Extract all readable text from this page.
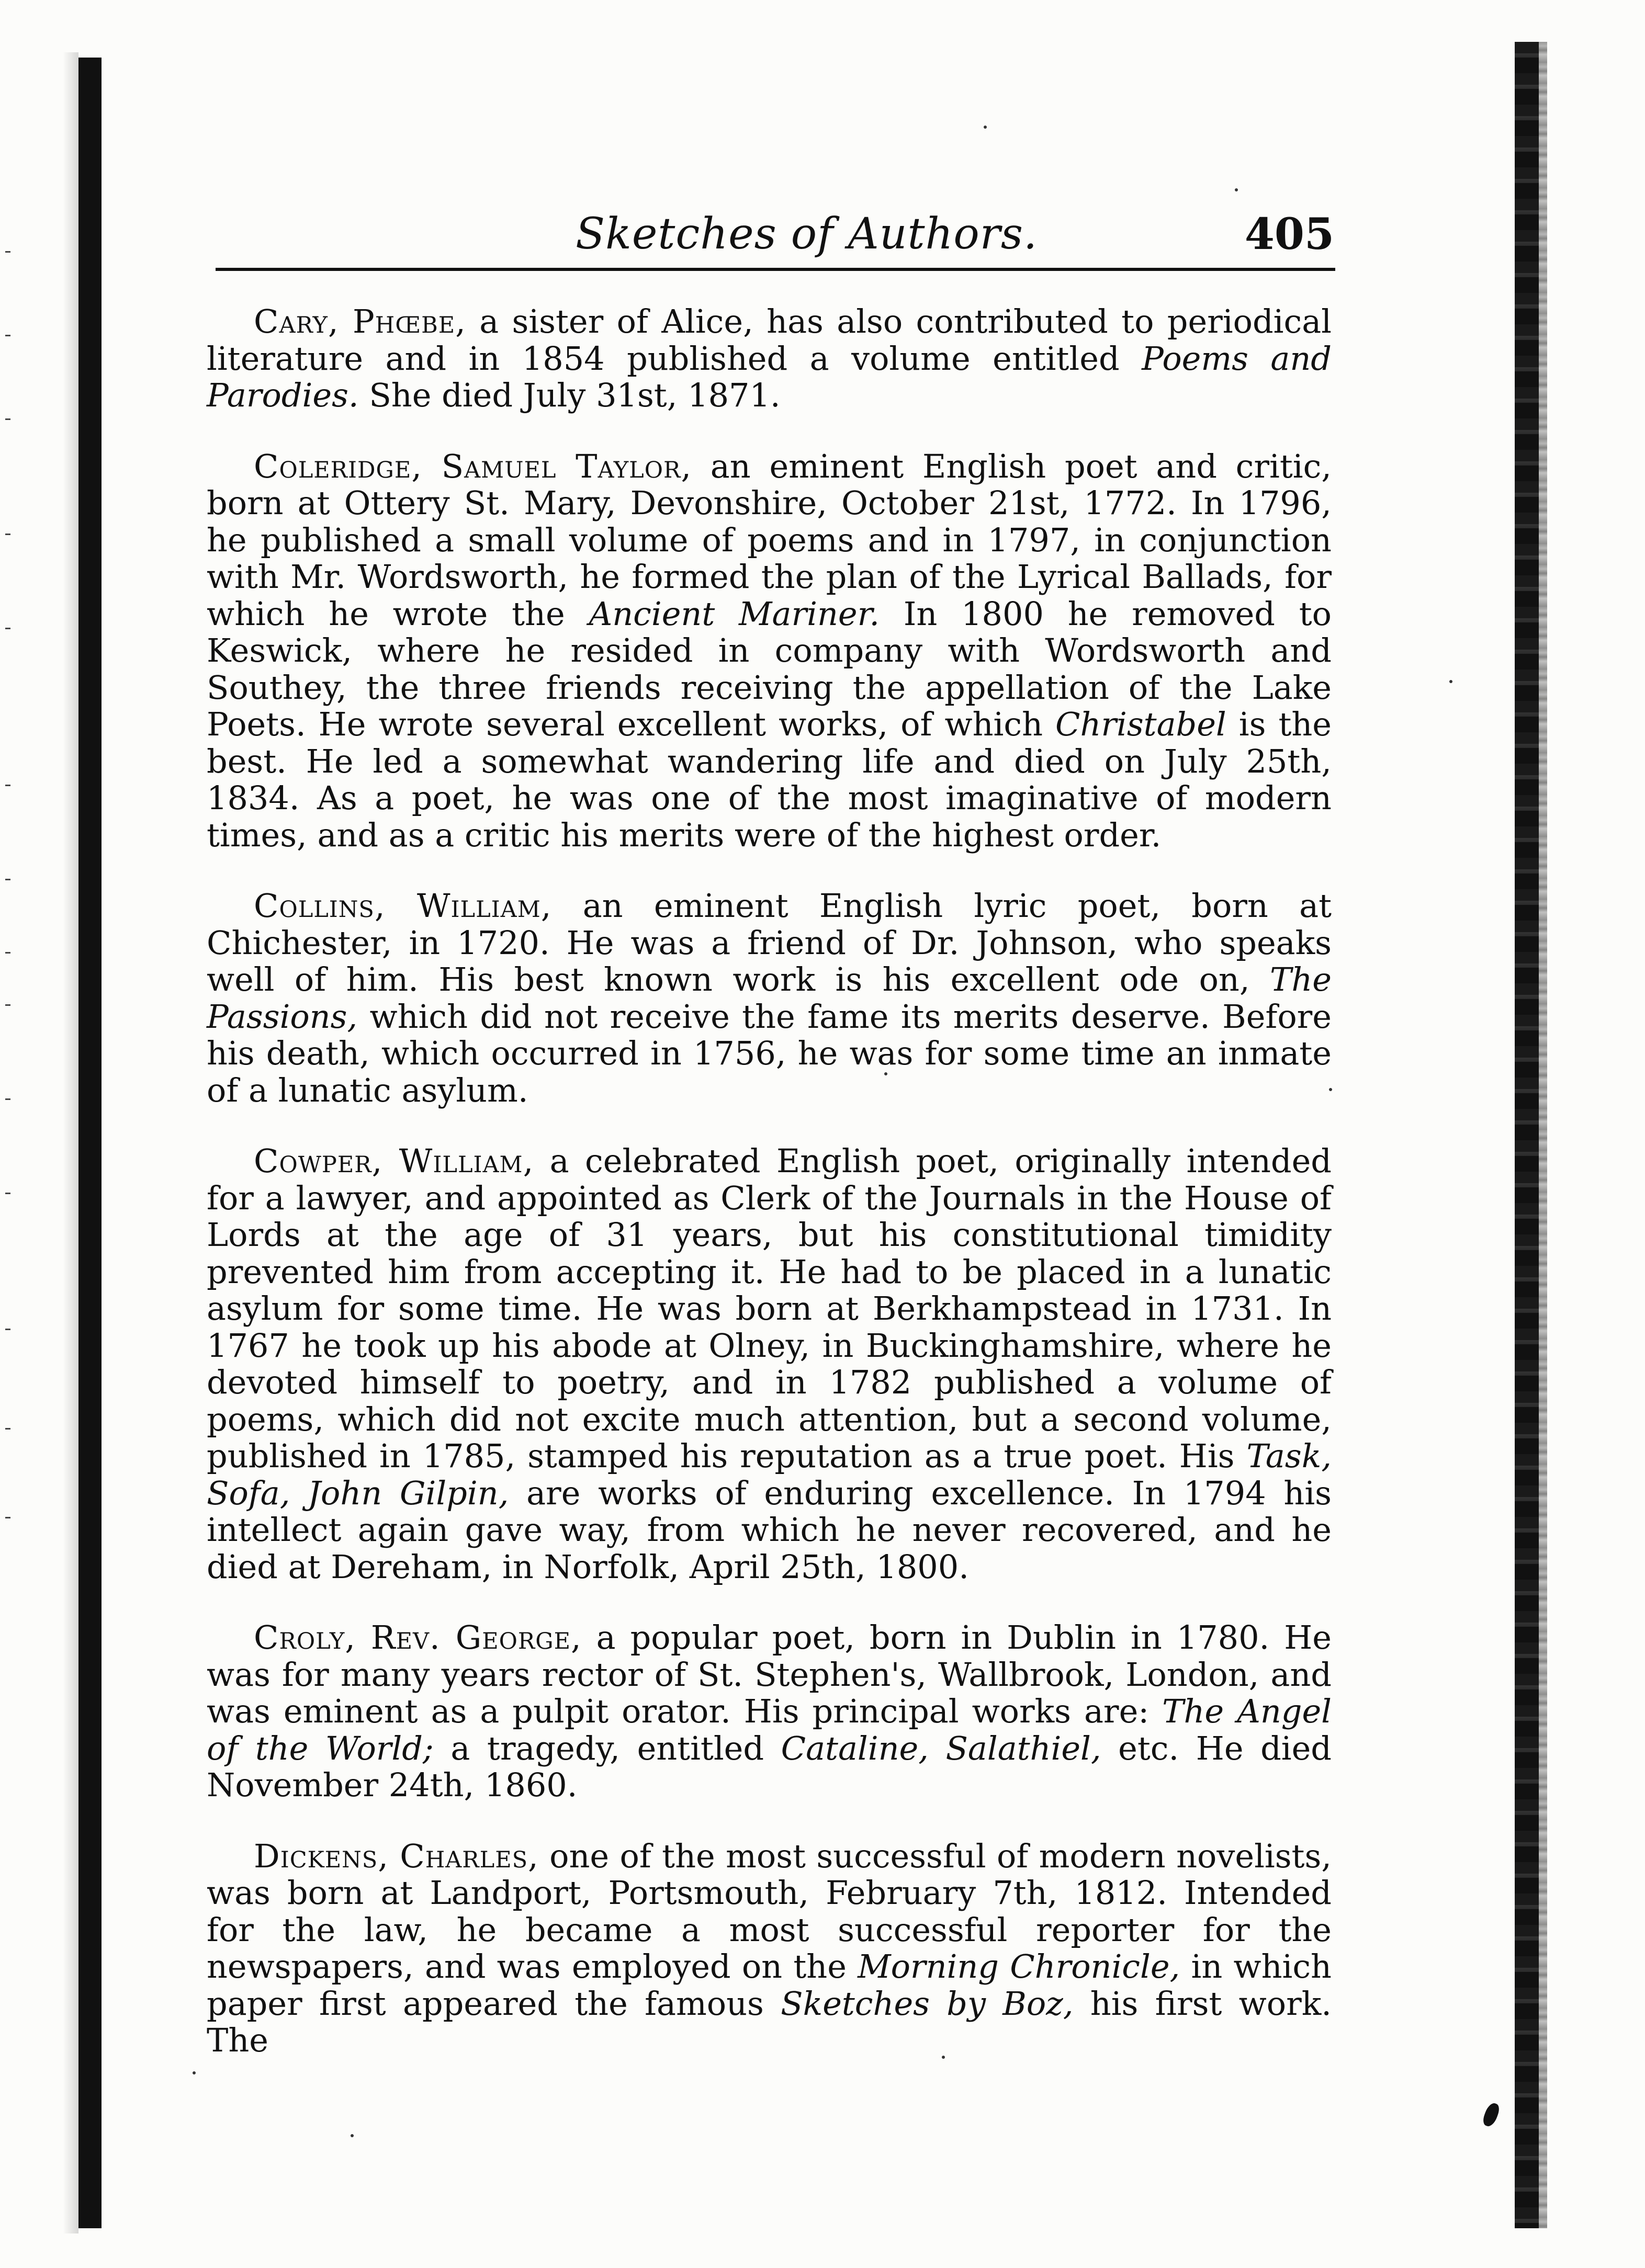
Sketches of Authors.	405

Cary, Phœbe, a sister of Alice, has also contributed to periodical literature and in 1854 published a volume entitled Poems and Parodies. She died July 31st, 1871.

Coleridge, Samuel Taylor, an eminent English poet and critic, born at Ottery St. Mary, Devonshire, October 21st, 1772. In 1796, he published a small volume of poems and in 1797, in conjunction with Mr. Wordsworth, he formed the plan of the Lyrical Ballads, for which he wrote the Ancient Mariner. In 1800 he removed to Keswick, where he resided in company with Wordsworth and Southey, the three friends receiving the appellation of the Lake Poets. He wrote several excellent works, of which Christabel is the best. He led a somewhat wandering life and died on July 25th, 1834. As a poet, he was one of the most imaginative of modern times, and as a critic his merits were of the highest order.

Collins, William, an eminent English lyric poet, born at Chichester, in 1720. He was a friend of Dr. Johnson, who speaks well of him. His best known work is his excellent ode on, The Passions, which did not receive the fame its merits deserve. Before his death, which occurred in 1756, he was for some time an inmate of a lunatic asylum.

Cowper, William, a celebrated English poet, originally intended for a lawyer, and appointed as Clerk of the Journals in the House of Lords at the age of 31 years, but his constitutional timidity prevented him from accepting it. He had to be placed in a lunatic asylum for some time. He was born at Berkhampstead in 1731. In 1767 he took up his abode at Olney, in Buckinghamshire, where he devoted himself to poetry, and in 1782 published a volume of poems, which did not excite much attention, but a second volume, published in 1785, stamped his reputation as a true poet. His Task, Sofa, John Gilpin, are works of enduring excellence. In 1794 his intellect again gave way, from which he never recovered, and he died at Dereham, in Norfolk, April 25th, 1800.

Croly, Rev. George, a popular poet, born in Dublin in 1780. He was for many years rector of St. Stephen's, Wallbrook, London, and was eminent as a pulpit orator. His principal works are: The Angel of the World; a tragedy, entitled Cataline, Salathiel, etc. He died November 24th, 1860.

Dickens, Charles, one of the most successful of modern novelists, was born at Landport, Portsmouth, February 7th, 1812. Intended for the law, he became a most successful reporter for the newspapers, and was employed on the Morning Chronicle, in which paper first appeared the famous Sketches by Boz, his first work. The
